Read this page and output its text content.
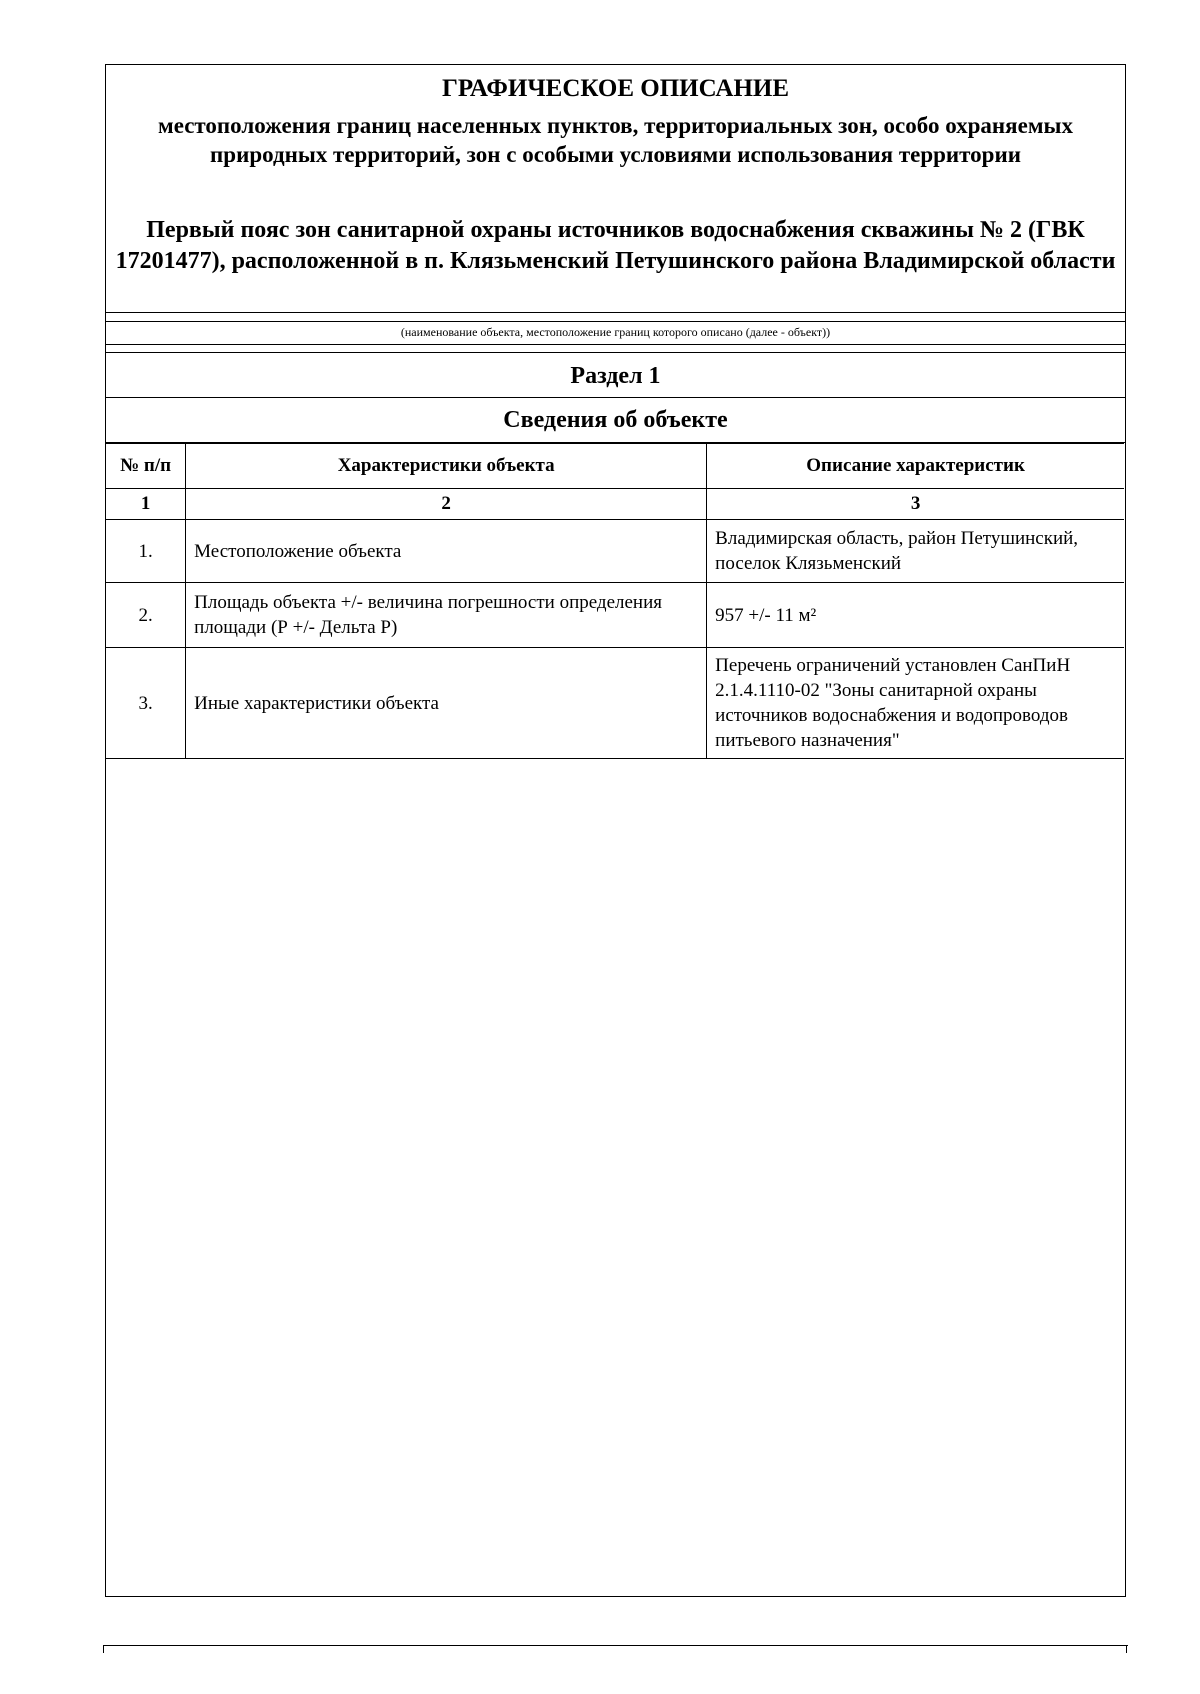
ГРАФИЧЕСКОЕ ОПИСАНИЕ
местоположения границ населенных пунктов, территориальных зон, особо охраняемых природных территорий, зон с особыми условиями использования территории
Первый пояс зон санитарной охраны источников водоснабжения скважины № 2 (ГВК 17201477), расположенной в п. Клязьменский Петушинского района Владимирской области
(наименование объекта, местоположение границ которого описано (далее - объект))
Раздел 1
Сведения об объекте
№ п/п	Характеристики объекта	Описание характеристик
1	2	3
1.	Местоположение объекта	Владимирская область, район Петушинский, поселок Клязьменский
2.	Площадь объекта +/- величина погрешности определения площади (Р +/- Дельта Р)	957 +/- 11 м²
3.	Иные характеристики объекта	Перечень ограничений установлен СанПиН 2.1.4.1110-02 "Зоны санитарной охраны источников водоснабжения и водопроводов питьевого назначения"
